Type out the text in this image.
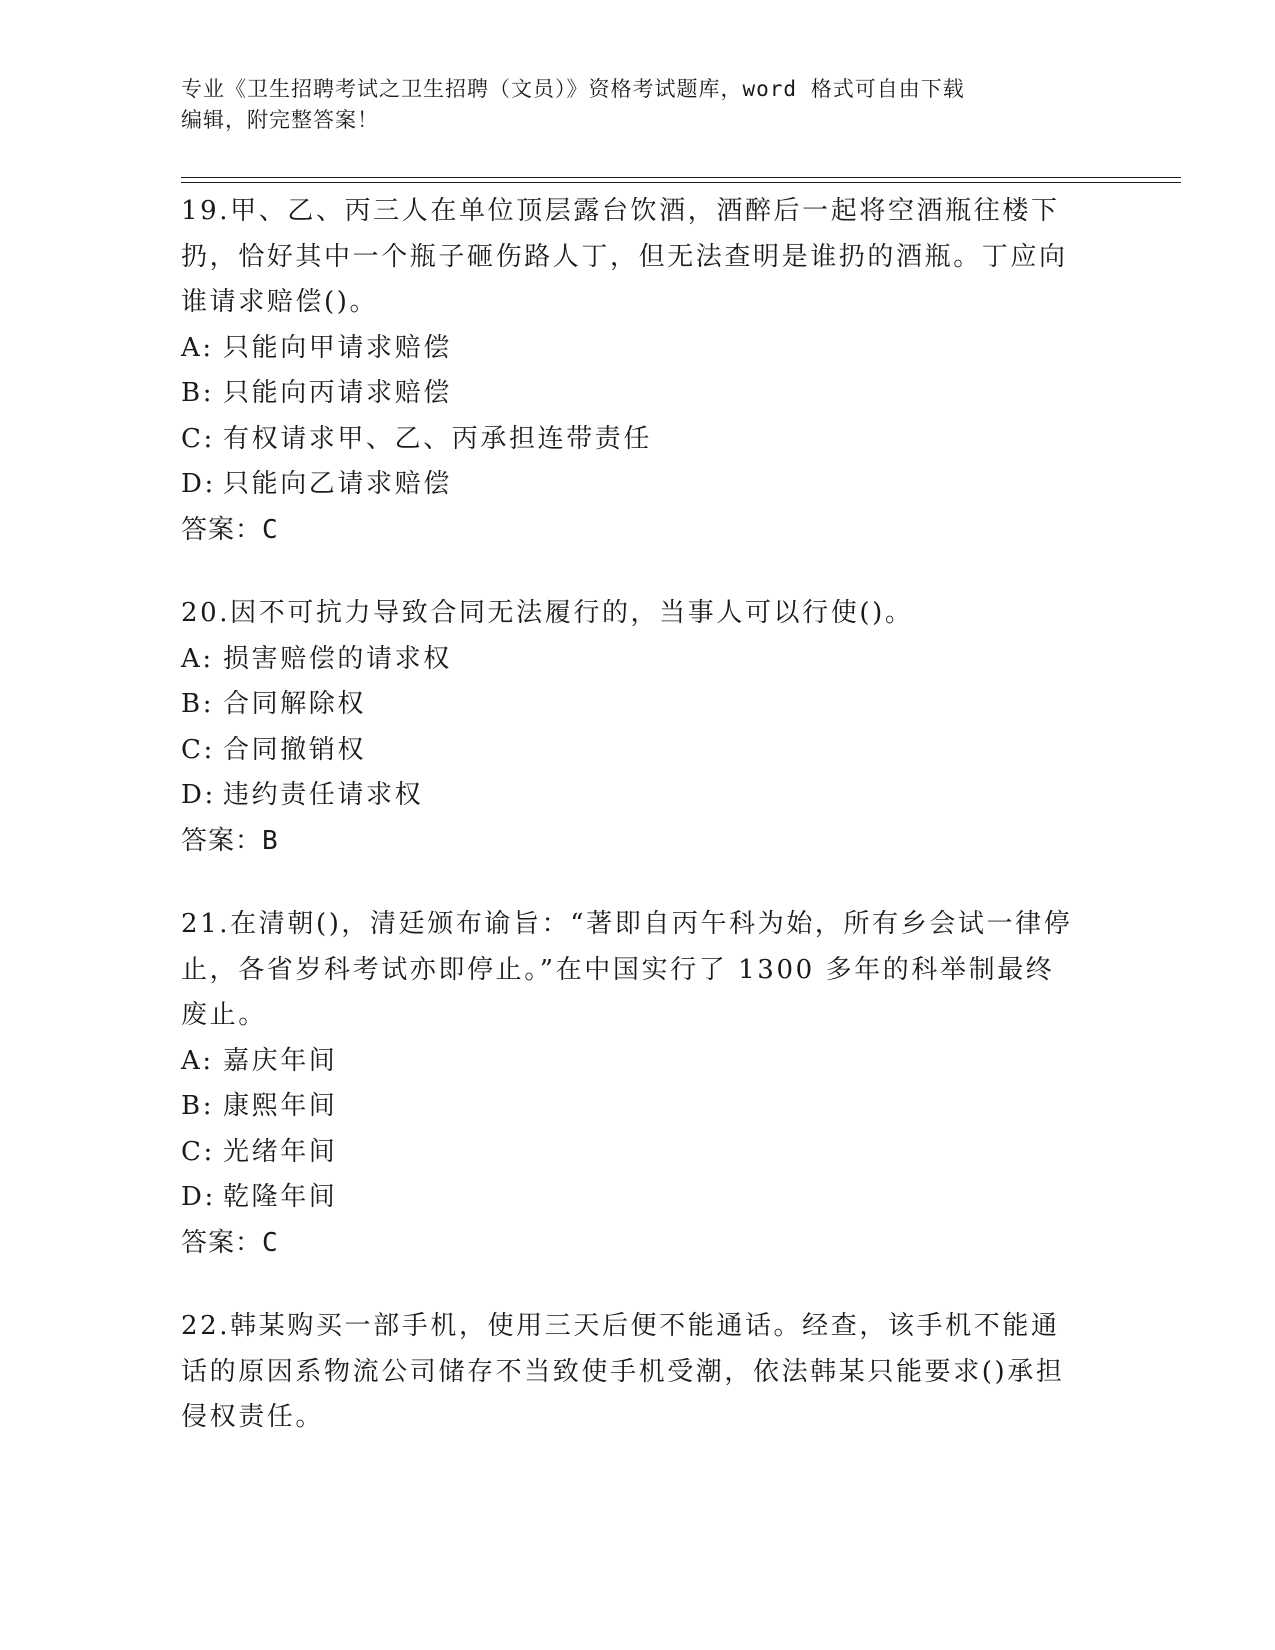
专业《卫生招聘考试之卫生招聘（文员）》资格考试题库，word 格式可自由下载
编辑，附完整答案！
19.甲、乙、丙三人在单位顶层露台饮酒，酒醉后一起将空酒瓶往楼下扔，恰好其中一个瓶子砸伤路人丁，但无法查明是谁扔的酒瓶。丁应向谁请求赔偿()。
A: 只能向甲请求赔偿
B: 只能向丙请求赔偿
C: 有权请求甲、乙、丙承担连带责任
D: 只能向乙请求赔偿
答案：C
20.因不可抗力导致合同无法履行的，当事人可以行使()。
A: 损害赔偿的请求权
B: 合同解除权
C: 合同撤销权
D: 违约责任请求权
答案：B
21.在清朝()，清廷颁布谕旨：“著即自丙午科为始，所有乡会试一律停止，各省岁科考试亦即停止。”在中国实行了 1300 多年的科举制最终废止。
A: 嘉庆年间
B: 康熙年间
C: 光绪年间
D: 乾隆年间
答案：C
22.韩某购买一部手机，使用三天后便不能通话。经查，该手机不能通话的原因系物流公司储存不当致使手机受潮，依法韩某只能要求()承担侵权责任。
